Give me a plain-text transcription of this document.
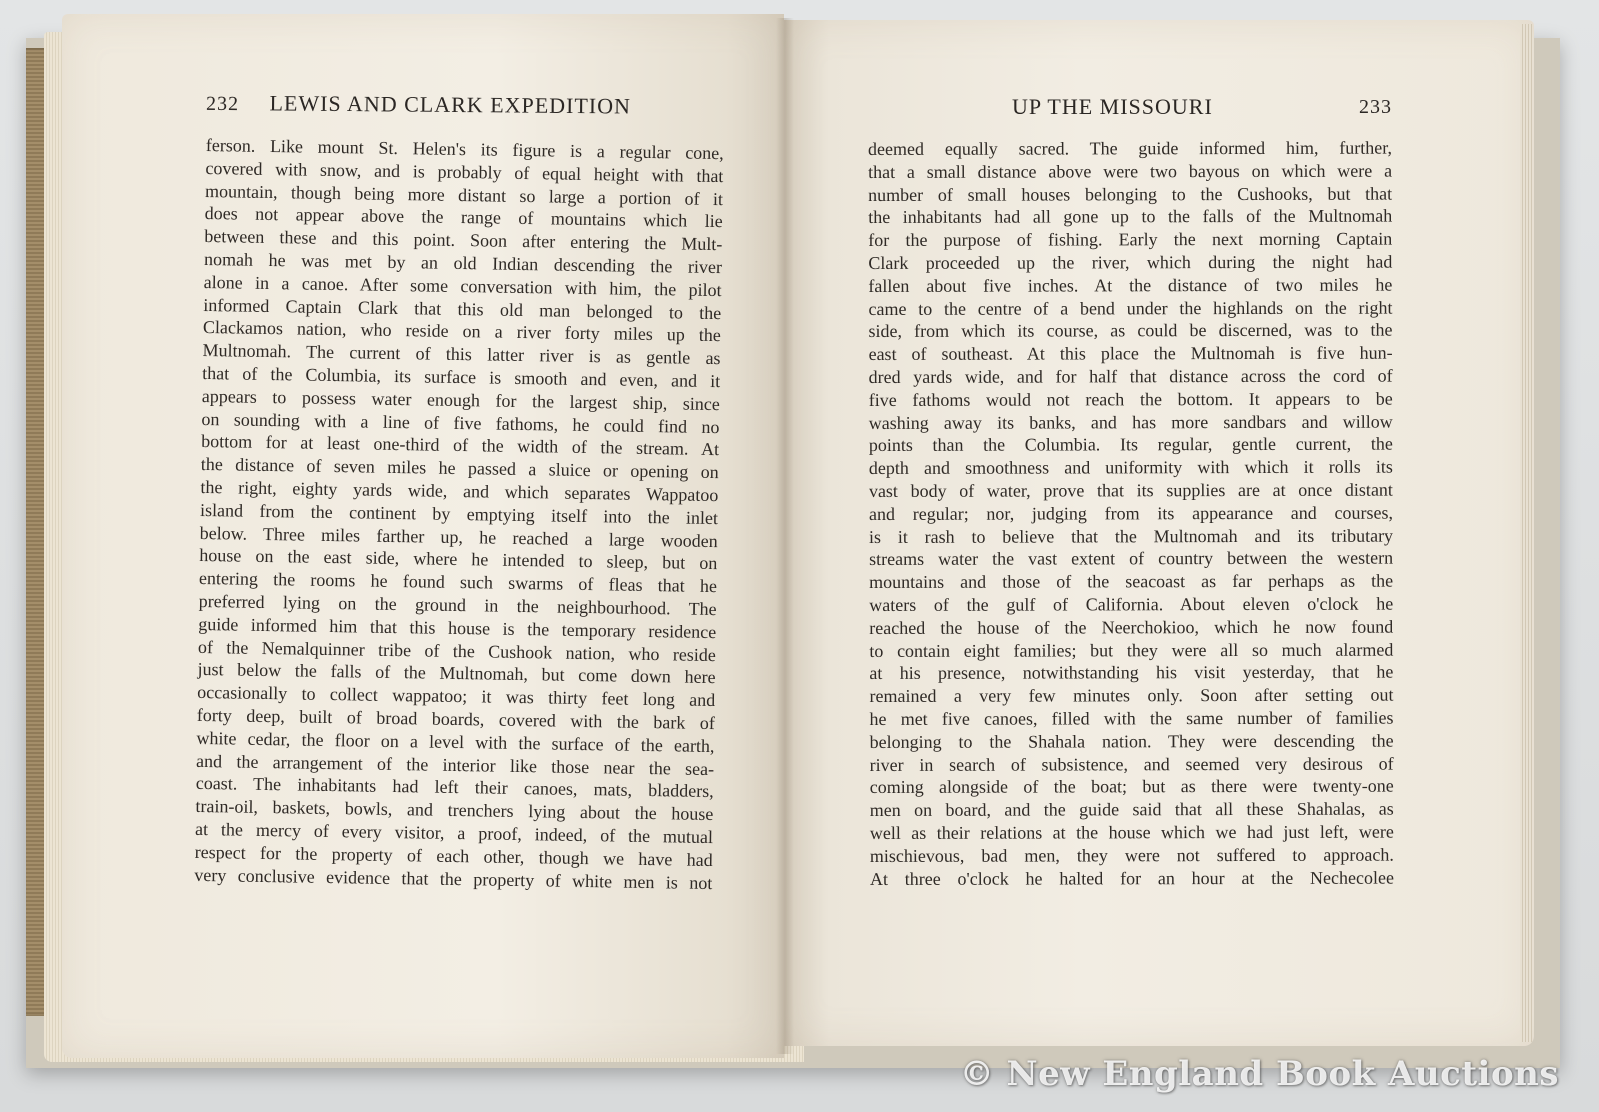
232 LEWIS AND CLARK EXPEDITION	UP THE MISSOURI	233
ferson. Like mount St. Helen's its figure is a regular cone,
covered with snow, and is probably of equal height with that
mountain, though being more distant so large a portion of it
does not appear above the range of mountains which lie
between these and this point. Soon after entering the Mult-
nomah he was met by an old Indian descending the river
alone in a canoe. After some conversation with him, the pilot
informed Captain Clark that this old man belonged to the
Clackamos nation, who reside on a river forty miles up the
Multnomah. The current of this latter river is as gentle as
that of the Columbia, its surface is smooth and even, and it
appears to possess water enough for the largest ship, since
on sounding with a line of five fathoms, he could find no
bottom for at least one-third of the width of the stream. At
the distance of seven miles he passed a sluice or opening on
the right, eighty yards wide, and which separates Wappatoo
island from the continent by emptying itself into the inlet
below. Three miles farther up, he reached a large wooden
house on the east side, where he intended to sleep, but on
entering the rooms he found such swarms of fleas that he
preferred lying on the ground in the neighbourhood. The
guide informed him that this house is the temporary residence
of the Nemalquinner tribe of the Cushook nation, who reside
just below the falls of the Multnomah, but come down here
occasionally to collect wappatoo; it was thirty feet long and
forty deep, built of broad boards, covered with the bark of
white cedar, the floor on a level with the surface of the earth,
and the arrangement of the interior like those near the sea-
coast. The inhabitants had left their canoes, mats, bladders,
train-oil, baskets, bowls, and trenchers lying about the house
at the mercy of every visitor, a proof, indeed, of the mutual
respect for the property of each other, though we have had
very conclusive evidence that the property of white men is not
deemed equally sacred. The guide informed him, further,
that a small distance above were two bayous on which were a
number of small houses belonging to the Cushooks, but that
the inhabitants had all gone up to the falls of the Multnomah
for the purpose of fishing. Early the next morning Captain
Clark proceeded up the river, which during the night had
fallen about five inches. At the distance of two miles he
came to the centre of a bend under the highlands on the right
side, from which its course, as could be discerned, was to the
east of southeast. At this place the Multnomah is five hun-
dred yards wide, and for half that distance across the cord of
five fathoms would not reach the bottom. It appears to be
washing away its banks, and has more sandbars and willow
points than the Columbia. Its regular, gentle current, the
depth and smoothness and uniformity with which it rolls its
vast body of water, prove that its supplies are at once distant
and regular; nor, judging from its appearance and courses,
is it rash to believe that the Multnomah and its tributary
streams water the vast extent of country between the western
mountains and those of the seacoast as far perhaps as the
waters of the gulf of California. About eleven o'clock he
reached the house of the Neerchokioo, which he now found
to contain eight families; but they were all so much alarmed
at his presence, notwithstanding his visit yesterday, that he
remained a very few minutes only. Soon after setting out
he met five canoes, filled with the same number of families
belonging to the Shahala nation. They were descending the
river in search of subsistence, and seemed very desirous of
coming alongside of the boat; but as there were twenty-one
men on board, and the guide said that all these Shahalas, as
well as their relations at the house which we had just left, were
mischievous, bad men, they were not suffered to approach.
At three o'clock he halted for an hour at the Nechecolee
© New England Book Auctions
